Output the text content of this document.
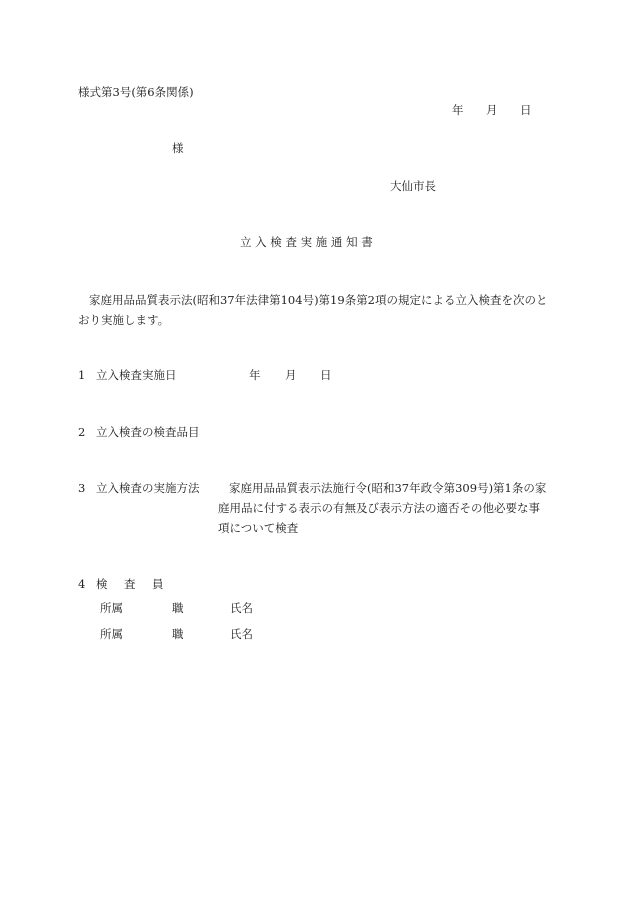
様式第3号(第6条関係)
年 月 日
様
大仙市長
立 入 検 査 実 施 通 知 書
家庭用品品質表示法(昭和37年法律第104号)第19条第2項の規定による立入検査を次のと
おり実施します。
1 立入検査実施日	年 月 日
2 立入検査の検査品目
3 立入検査の実施方法	家庭用品品質表示法施行令(昭和37年政令第309号)第1条の家
庭用品に付する表示の有無及び表示方法の適否その他必要な事
項について検査
4 検 査 員
所属	職	氏名
所属	職	氏名
